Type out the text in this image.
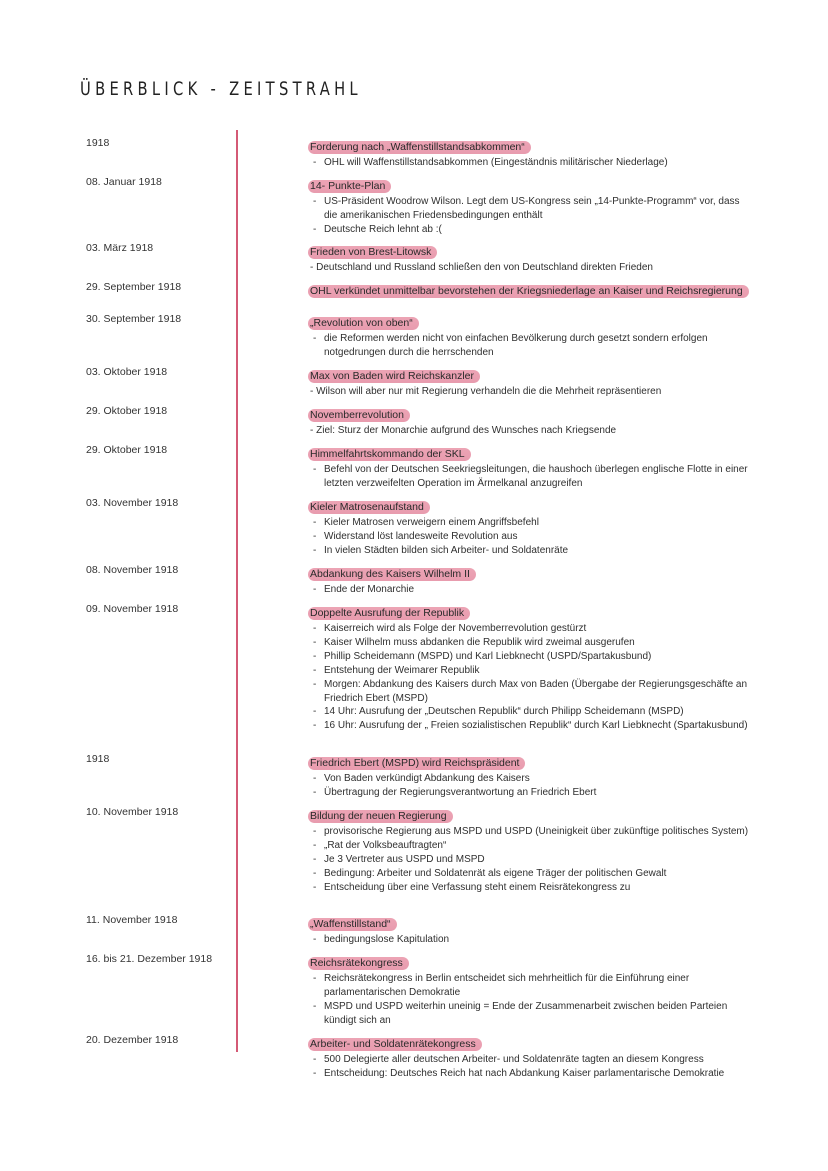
ÜBERBLICK - ZEITSTRAHL
1918	Forderung nach „Waffenstillstandsabkommen“
- OHL will Waffenstillstandsabkommen (Eingeständnis militärischer Niederlage)
08. Januar 1918	14- Punkte-Plan
- US-Präsident Woodrow Wilson. Legt dem US-Kongress sein „14-Punkte-Programm“ vor, dass die amerikanischen Friedensbedingungen enthält
- Deutsche Reich lehnt ab :(
03. März 1918	Frieden von Brest-Litowsk
- Deutschland und Russland schließen den von Deutschland direkten Frieden
29. September 1918	OHL verkündet unmittelbar bevorstehen der Kriegsniederlage an Kaiser und Reichsregierung
30. September 1918	„Revolution von oben“
- die Reformen werden nicht von einfachen Bevölkerung durch gesetzt sondern erfolgen notgedrungen durch die herrschenden
03. Oktober 1918	Max von Baden wird Reichskanzler
- Wilson will aber nur mit Regierung verhandeln die die Mehrheit repräsentieren
29. Oktober 1918	Novemberrevolution
- Ziel: Sturz der Monarchie aufgrund des Wunsches nach Kriegsende
29. Oktober 1918	Himmelfahrtskommando der SKL
- Befehl von der Deutschen Seekriegsleitungen, die haushoch überlegen englische Flotte in einer letzten verzweifelten Operation im Ärmelkanal anzugreifen
03. November 1918	Kieler Matrosenaufstand
- Kieler Matrosen verweigern einem Angriffsbefehl
- Widerstand löst landesweite Revolution aus
- In vielen Städten bilden sich Arbeiter- und Soldatenräte
08. November 1918	Abdankung des Kaisers Wilhelm II
- Ende der Monarchie
09. November 1918	Doppelte Ausrufung der Republik
- Kaiserreich wird als Folge der Novemberrevolution gestürzt
- Kaiser Wilhelm muss abdanken die Republik wird zweimal ausgerufen
- Phillip Scheidemann (MSPD) und Karl Liebknecht (USPD/Spartakusbund)
- Entstehung der Weimarer Republik
- Morgen: Abdankung des Kaisers durch Max von Baden (Übergabe der Regierungsgeschäfte an Friedrich Ebert (MSPD)
- 14 Uhr: Ausrufung der „Deutschen Republik“ durch Philipp Scheidemann (MSPD)
- 16 Uhr: Ausrufung der „ Freien sozialistischen Republik“ durch Karl Liebknecht (Spartakusbund)
1918	Friedrich Ebert (MSPD) wird Reichspräsident
- Von Baden verkündigt Abdankung des Kaisers
- Übertragung der Regierungsverantwortung an Friedrich Ebert
10. November 1918	Bildung der neuen Regierung
- provisorische Regierung aus MSPD und USPD (Uneinigkeit über zukünftige politisches System)
- „Rat der Volksbeauftragten“
- Je 3 Vertreter aus USPD und MSPD
- Bedingung: Arbeiter und Soldatenrät als eigene Träger der politischen Gewalt
- Entscheidung über eine Verfassung steht einem Reisrätekongress zu
11. November 1918	„Waffenstillstand“
- bedingungslose Kapitulation
16. bis 21. Dezember 1918	Reichsrätekongress
- Reichsrätekongress in Berlin entscheidet sich mehrheitlich für die Einführung einer parlamentarischen Demokratie
- MSPD und USPD weiterhin uneinig = Ende der Zusammenarbeit zwischen beiden Parteien kündigt sich an
20. Dezember 1918	Arbeiter- und Soldatenrätekongress
- 500 Delegierte aller deutschen Arbeiter- und Soldatenräte tagten an diesem Kongress
- Entscheidung: Deutsches Reich hat nach Abdankung Kaiser parlamentarische Demokratie
